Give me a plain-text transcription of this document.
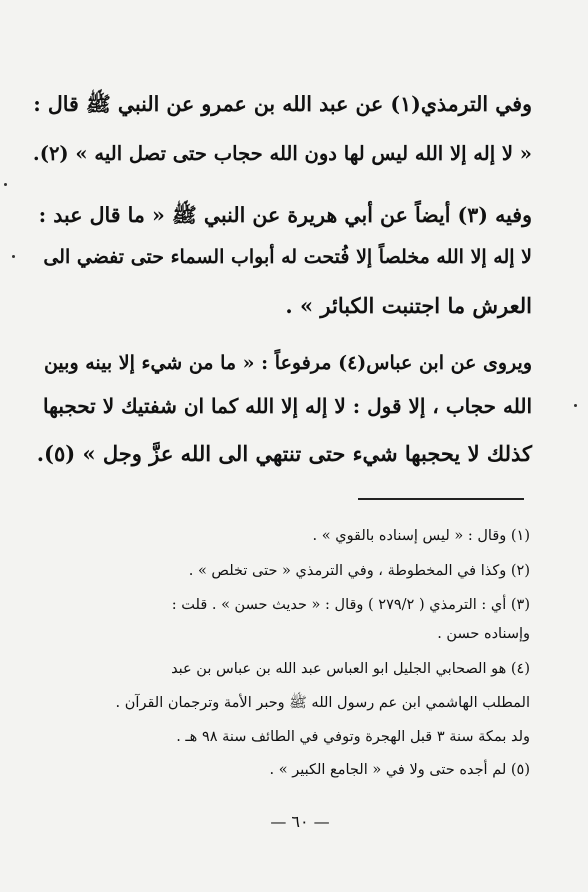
وفي الترمذي(١) عن عبد الله بن عمرو عن النبي ﷺ قال :
« لا إله إلا الله ليس لها دون الله حجاب حتى تصل اليه » (٢).
وفيه (٣) أيضاً عن أبي هريرة عن النبي ﷺ « ما قال عبد :
لا إله إلا الله مخلصاً إلا فُتحت له أبواب السماء حتى تفضي الى
العرش ما اجتنبت الكبائر » .
ويروى عن ابن عباس(٤) مرفوعاً : « ما من شيء إلا بينه وبين
الله حجاب ، إلا قول : لا إله إلا الله كما ان شفتيك لا تحجبها
كذلك لا يحجبها شيء حتى تنتهي الى الله عزَّ وجل » (٥).
(١) وقال : « ليس إسناده بالقوي » .
(٢) وكذا في المخطوطة ، وفي الترمذي « حتى تخلص » .
(٣) أي : الترمذي ( ٢٧٩/٢ ) وقال : « حديث حسن » . قلت :
وإسناده حسن .
(٤) هو الصحابي الجليل ابو العباس عبد الله بن عباس بن عبد
المطلب الهاشمي ابن عم رسول الله ﷺ وحبر الأمة وترجمان القرآن .
ولد بمكة سنة ٣ قبل الهجرة وتوفي في الطائف سنة ٩٨ هـ .
(٥) لم أجده حتى ولا في « الجامع الكبير » .
— ٦٠ —
